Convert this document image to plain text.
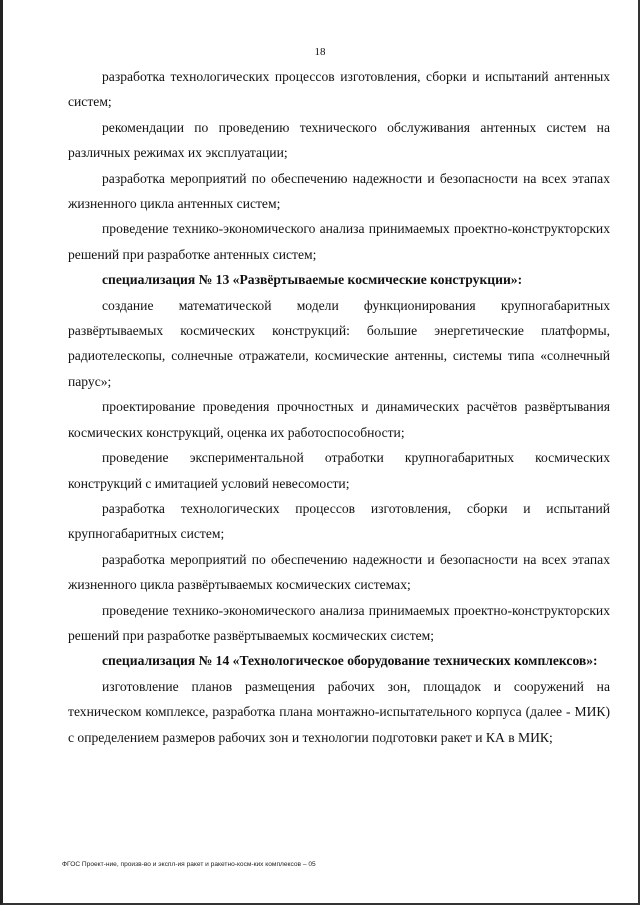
18

разработка технологических процессов изготовления, сборки и испытаний антенных систем;

рекомендации по проведению технического обслуживания антенных систем на различных режимах их эксплуатации;

разработка мероприятий по обеспечению надежности и безопасности на всех этапах жизненного цикла антенных систем;

проведение технико-экономического анализа принимаемых проектно-конструкторских решений при разработке антенных систем;

специализация № 13 «Развёртываемые космические конструкции»:

создание математической модели функционирования крупногабаритных развёртываемых космических конструкций: большие энергетические платформы, радиотелескопы, солнечные отражатели, космические антенны, системы типа «солнечный парус»;

проектирование проведения прочностных и динамических расчётов развёртывания космических конструкций, оценка их работоспособности;

проведение экспериментальной отработки крупногабаритных космических конструкций с имитацией условий невесомости;

разработка технологических процессов изготовления, сборки и испытаний крупногабаритных систем;

разработка мероприятий по обеспечению надежности и безопасности на всех этапах жизненного цикла развёртываемых космических системах;

проведение технико-экономического анализа принимаемых проектно-конструкторских решений при разработке развёртываемых космических систем;

специализация № 14 «Технологическое оборудование технических комплексов»:

изготовление планов размещения рабочих зон, площадок и сооружений на техническом комплексе, разработка плана монтажно-испытательного корпуса (далее - МИК) с определением размеров рабочих зон и технологии подготовки ракет и КА в МИК;

ФГОС Проект-ние, произв-во и экспл-ия ракет и ракетно-косм-ких комплексов – 05
